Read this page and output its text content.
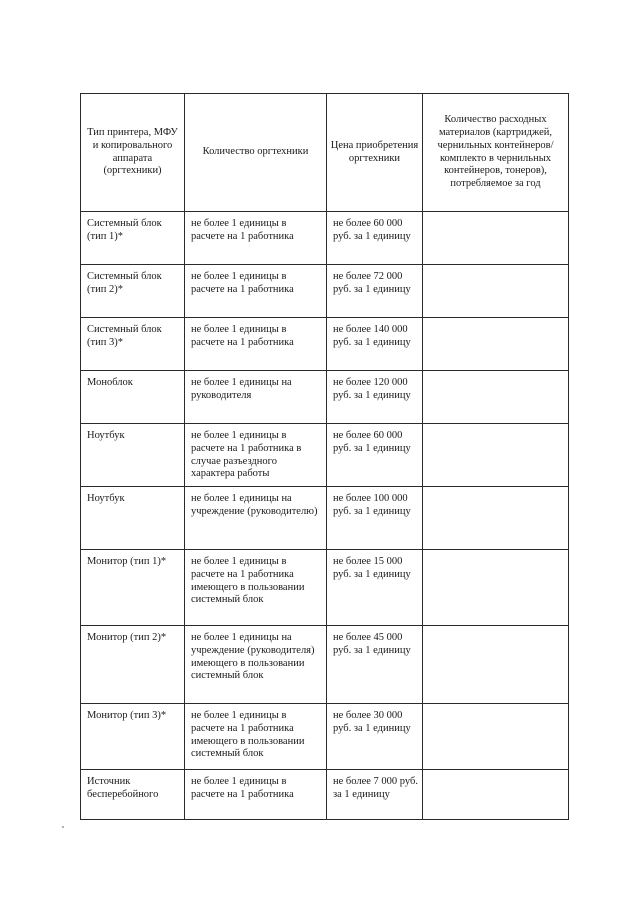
Тип принтера, МФУ и копировального аппарата (оргтехники)	Количество оргтехники	Цена приобретения оргтехники	Количество расходных материалов (картриджей, чернильных контейнеров/комплекто в чернильных контейнеров, тонеров), потребляемое за год
Системный блок (тип 1)*	не более 1 единицы в расчете на 1 работника	не более 60 000 руб. за 1 единицу	
Системный блок (тип 2)*	не более 1 единицы в расчете на 1 работника	не более 72 000 руб. за 1 единицу	
Системный блок (тип 3)*	не более 1 единицы в расчете на 1 работника	не более 140 000 руб. за 1 единицу	
Моноблок	не более 1 единицы на руководителя	не более 120 000 руб. за 1 единицу	
Ноутбук	не более 1 единицы в расчете на 1 работника в случае разъездного характера работы	не более 60 000 руб. за 1 единицу	
Ноутбук	не более 1 единицы на учреждение (руководителю)	не более 100 000 руб. за 1 единицу	
Монитор (тип 1)*	не более 1 единицы в расчете на 1 работника имеющего в пользовании системный блок	не более 15 000 руб. за 1 единицу	
Монитор (тип 2)*	не более 1 единицы на учреждение (руководителя) имеющего в пользовании системный блок	не более 45 000 руб. за 1 единицу	
Монитор (тип 3)*	не более 1 единицы в расчете на 1 работника имеющего в пользовании системный блок	не более 30 000 руб. за 1 единицу	
Источник бесперебойного	не более 1 единицы в расчете на 1 работника	не более 7 000 руб. за 1 единицу	
